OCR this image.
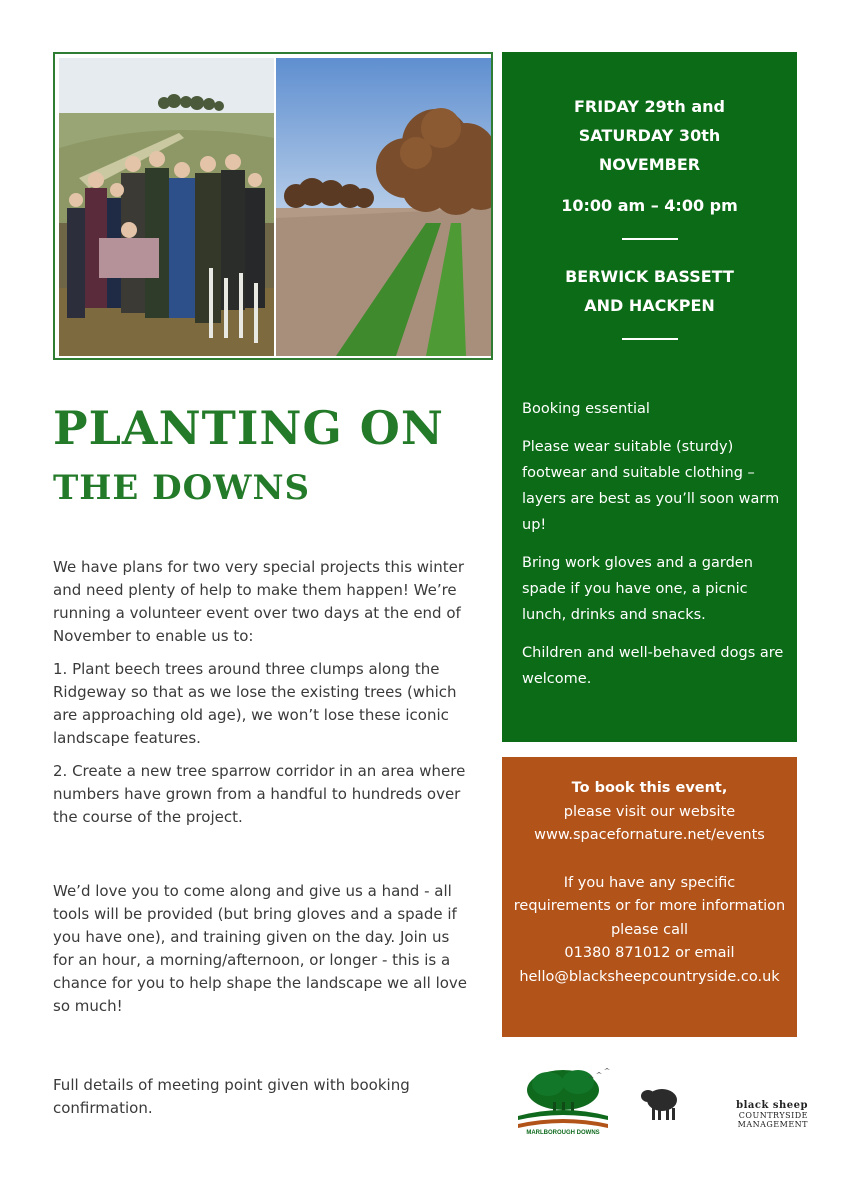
PLANTING ON
THE DOWNS

We have plans for two very special projects this winter and need plenty of help to make them happen! We’re running a volunteer event over two days at the end of November to enable us to:

1. Plant beech trees around three clumps along the Ridgeway so that as we lose the existing trees (which are approaching old age), we won’t lose these iconic landscape features.

2. Create a new tree sparrow corridor in an area where numbers have grown from a handful to hundreds over the course of the project.

We’d love you to come along and give us a hand - all tools will be provided (but bring gloves and a spade if you have one), and training given on the day. Join us for an hour, a morning/afternoon, or longer - this is a chance for you to help shape the landscape we all love so much!

Full details of meeting point given with booking confirmation.

FRIDAY 29th and
SATURDAY 30th
NOVEMBER
10:00 am – 4:00 pm
BERWICK BASSETT
AND HACKPEN

Booking essential

Please wear suitable (sturdy) footwear and suitable clothing – layers are best as you’ll soon warm up!

Bring work gloves and a garden spade if you have one, a picnic lunch, drinks and snacks.

Children and well-behaved dogs are welcome.

To book this event,
please visit our website
www.spacefornature.net/events
If you have any specific
requirements or for more information
please call
01380 871012 or email
hello@blacksheepcountryside.co.uk
MARLBOROUGH DOWNS
black sheep
COUNTRYSIDE MANAGEMENT
